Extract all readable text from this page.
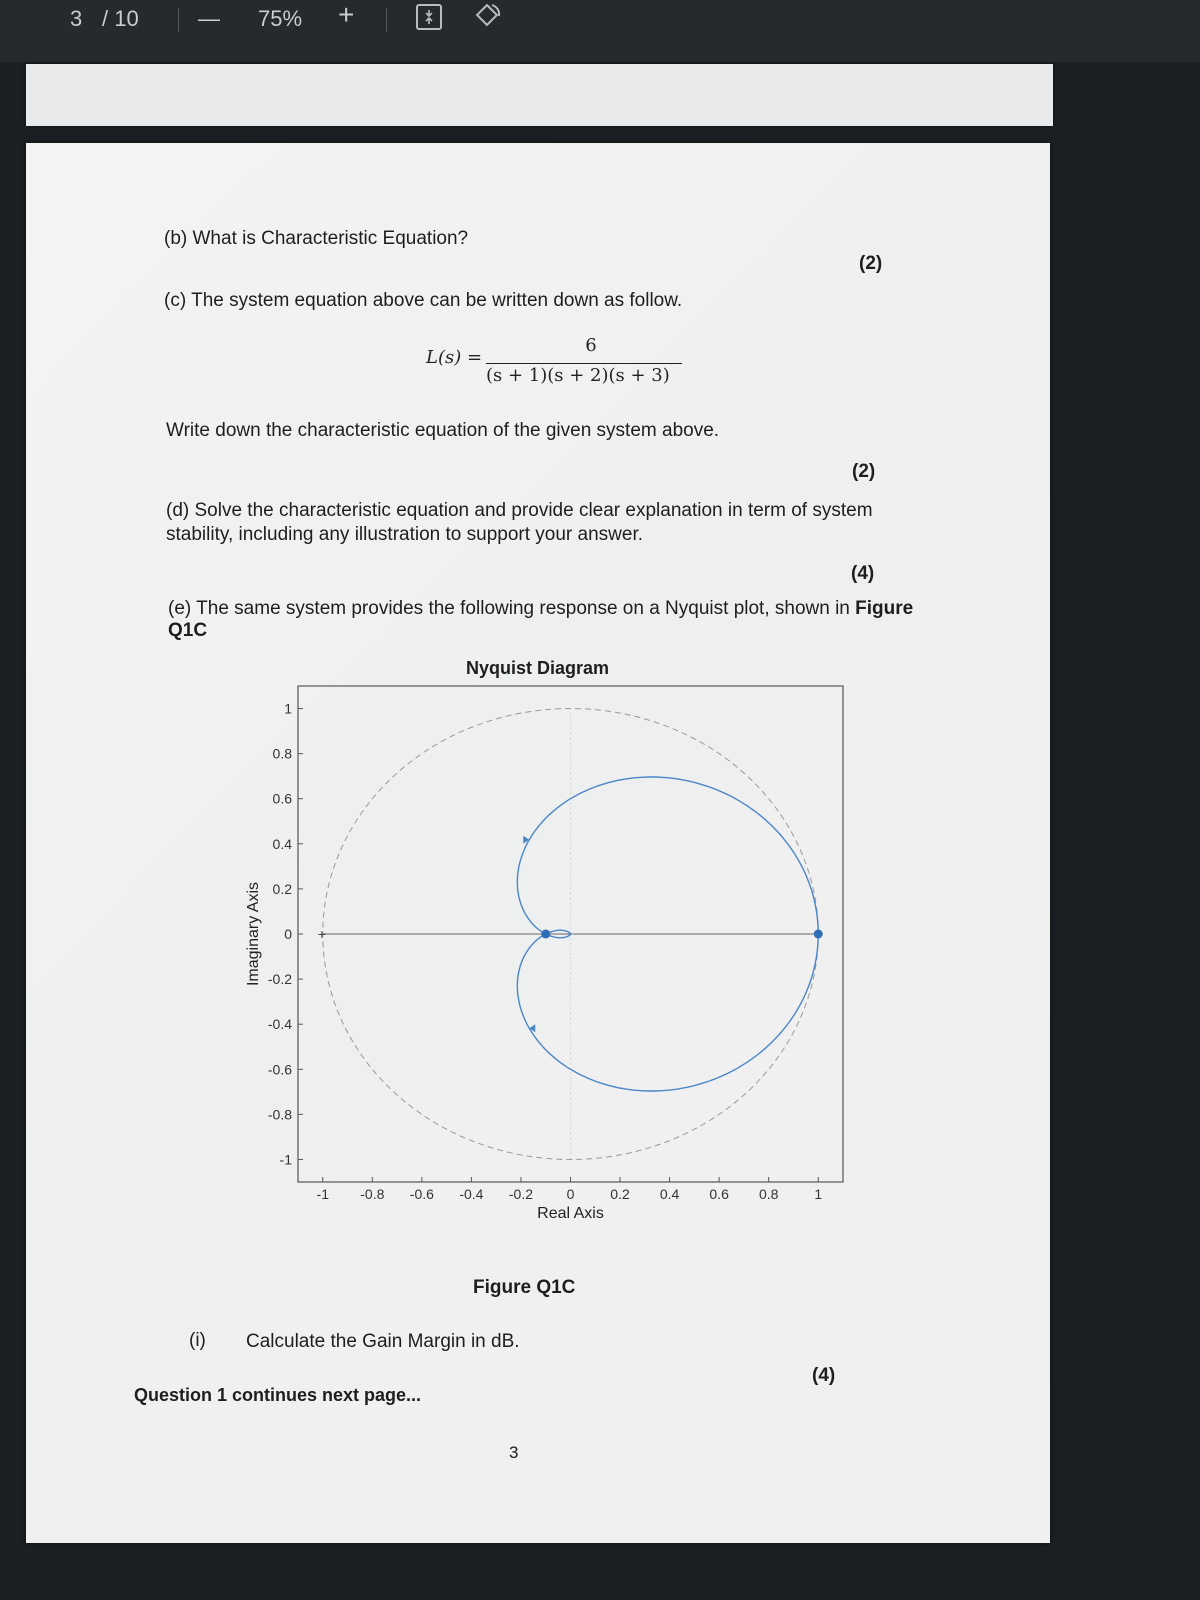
3 / 10	— 75% +
(b) What is Characteristic Equation?
(2)
(c) The system equation above can be written down as follow.
L(s) =
6
(s + 1)(s + 2)(s + 3)
Write down the characteristic equation of the given system above.
(2)
(d) Solve the characteristic equation and provide clear explanation in term of system
stability, including any illustration to support your answer.
(4)
(e) The same system provides the following response on a Nyquist plot, shown in Figure
Q1C
Nyquist Diagram
-1 -0.8 -0.6 -0.4 -0.2 0	0.2 0.4 0.6 0.8	1
-1
-0.8
-0.6
-0.4
-0.2
0
0.2
0.4
0.6
0.8
1
Real Axis
Imaginary Axis	+
Figure Q1C
(i) Calculate the Gain Margin in dB.
(4)
Question 1 continues next page...
3
